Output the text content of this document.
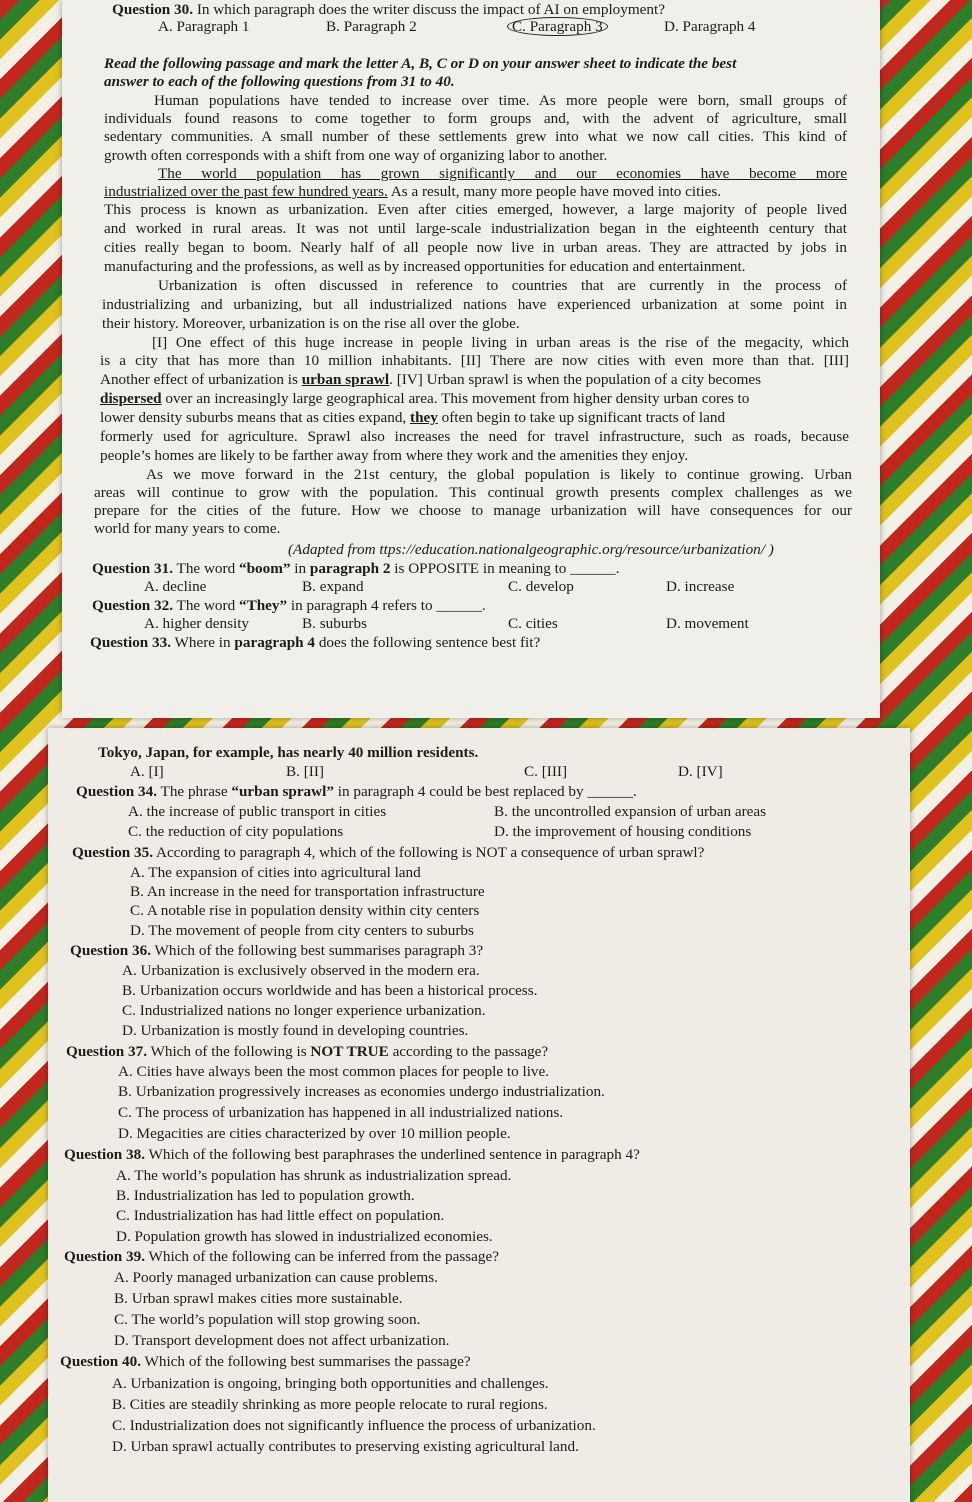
Question 30. In which paragraph does the writer discuss the impact of AI on employment?
A. Paragraph 1	B. Paragraph 2	C. Paragraph 3	D. Paragraph 4
Read the following passage and mark the letter A, B, C or D on your answer sheet to indicate the best
answer to each of the following questions from 31 to 40.
Human populations have tended to increase over time. As more people were born, small groups of
individuals found reasons to come together to form groups and, with the advent of agriculture, small
sedentary communities. A small number of these settlements grew into what we now call cities. This kind of
growth often corresponds with a shift from one way of organizing labor to another.
The world population has grown significantly and our economies have become more
industrialized over the past few hundred years. As a result, many more people have moved into cities.
This process is known as urbanization. Even after cities emerged, however, a large majority of people lived
and worked in rural areas. It was not until large-scale industrialization began in the eighteenth century that
cities really began to boom. Nearly half of all people now live in urban areas. They are attracted by jobs in
manufacturing and the professions, as well as by increased opportunities for education and entertainment.
Urbanization is often discussed in reference to countries that are currently in the process of
industrializing and urbanizing, but all industrialized nations have experienced urbanization at some point in
their history. Moreover, urbanization is on the rise all over the globe.
[I] One effect of this huge increase in people living in urban areas is the rise of the megacity, which
is a city that has more than 10 million inhabitants. [II] There are now cities with even more than that. [III]
Another effect of urbanization is urban sprawl. [IV] Urban sprawl is when the population of a city becomes
dispersed over an increasingly large geographical area. This movement from higher density urban cores to
lower density suburbs means that as cities expand, they often begin to take up significant tracts of land
formerly used for agriculture. Sprawl also increases the need for travel infrastructure, such as roads, because
people’s homes are likely to be farther away from where they work and the amenities they enjoy.
As we move forward in the 21st century, the global population is likely to continue growing. Urban
areas will continue to grow with the population. This continual growth presents complex challenges as we
prepare for the cities of the future. How we choose to manage urbanization will have consequences for our
world for many years to come.
(Adapted from ttps://education.nationalgeographic.org/resource/urbanization/ )
Question 31. The word “boom” in paragraph 2 is OPPOSITE in meaning to ______.
A. decline	B. expand	C. develop	D. increase
Question 32. The word “They” in paragraph 4 refers to ______.
A. higher density	B. suburbs	C. cities	D. movement
Question 33. Where in paragraph 4 does the following sentence best fit?
Tokyo, Japan, for example, has nearly 40 million residents.
A. [I]	B. [II]	C. [III]	D. [IV]
Question 34. The phrase “urban sprawl” in paragraph 4 could be best replaced by ______.
A. the increase of public transport in cities	B. the uncontrolled expansion of urban areas
C. the reduction of city populations	D. the improvement of housing conditions
Question 35. According to paragraph 4, which of the following is NOT a consequence of urban sprawl?
A. The expansion of cities into agricultural land
B. An increase in the need for transportation infrastructure
C. A notable rise in population density within city centers
D. The movement of people from city centers to suburbs
Question 36. Which of the following best summarises paragraph 3?
A. Urbanization is exclusively observed in the modern era.
B. Urbanization occurs worldwide and has been a historical process.
C. Industrialized nations no longer experience urbanization.
D. Urbanization is mostly found in developing countries.
Question 37. Which of the following is NOT TRUE according to the passage?
A. Cities have always been the most common places for people to live.
B. Urbanization progressively increases as economies undergo industrialization.
C. The process of urbanization has happened in all industrialized nations.
D. Megacities are cities characterized by over 10 million people.
Question 38. Which of the following best paraphrases the underlined sentence in paragraph 4?
A. The world’s population has shrunk as industrialization spread.
B. Industrialization has led to population growth.
C. Industrialization has had little effect on population.
D. Population growth has slowed in industrialized economies.
Question 39. Which of the following can be inferred from the passage?
A. Poorly managed urbanization can cause problems.
B. Urban sprawl makes cities more sustainable.
C. The world’s population will stop growing soon.
D. Transport development does not affect urbanization.
Question 40. Which of the following best summarises the passage?
A. Urbanization is ongoing, bringing both opportunities and challenges.
B. Cities are steadily shrinking as more people relocate to rural regions.
C. Industrialization does not significantly influence the process of urbanization.
D. Urban sprawl actually contributes to preserving existing agricultural land.
